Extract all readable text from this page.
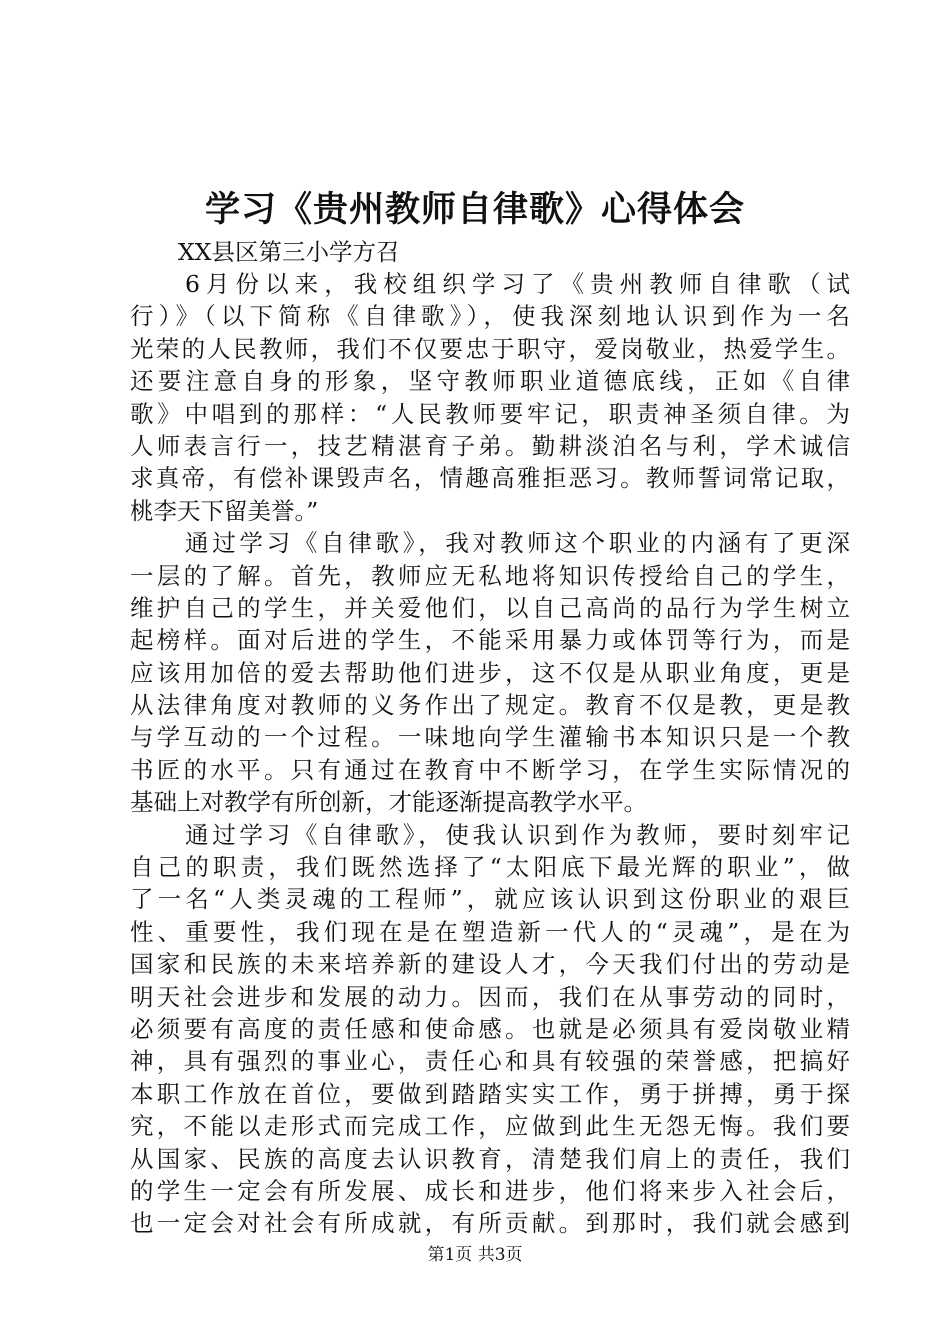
学习《贵州教师自律歌》心得体会
XX县区第三小学方召
6月份以来，我校组织学习了《贵州教师自律歌（试
行）》（以下简称《自律歌》），使我深刻地认识到作为一名
光荣的人民教师，我们不仅要忠于职守，爱岗敬业，热爱学生。
还要注意自身的形象，坚守教师职业道德底线，正如《自律
歌》中唱到的那样：“人民教师要牢记，职责神圣须自律。为
人师表言行一，技艺精湛育子弟。勤耕淡泊名与利，学术诚信
求真帝，有偿补课毁声名，情趣高雅拒恶习。教师誓词常记取，
桃李天下留美誉。”
通过学习《自律歌》，我对教师这个职业的内涵有了更深
一层的了解。首先，教师应无私地将知识传授给自己的学生，
维护自己的学生，并关爱他们，以自己高尚的品行为学生树立
起榜样。面对后进的学生，不能采用暴力或体罚等行为，而是
应该用加倍的爱去帮助他们进步，这不仅是从职业角度，更是
从法律角度对教师的义务作出了规定。教育不仅是教，更是教
与学互动的一个过程。一味地向学生灌输书本知识只是一个教
书匠的水平。只有通过在教育中不断学习，在学生实际情况的
基础上对教学有所创新，才能逐渐提高教学水平。
通过学习《自律歌》，使我认识到作为教师，要时刻牢记
自己的职责，我们既然选择了“太阳底下最光辉的职业”，做
了一名“人类灵魂的工程师”，就应该认识到这份职业的艰巨
性、重要性，我们现在是在塑造新一代人的“灵魂”，是在为
国家和民族的未来培养新的建设人才，今天我们付出的劳动是
明天社会进步和发展的动力。因而，我们在从事劳动的同时，
必须要有高度的责任感和使命感。也就是必须具有爱岗敬业精
神，具有强烈的事业心，责任心和具有较强的荣誉感，把搞好
本职工作放在首位，要做到踏踏实实工作，勇于拼搏，勇于探
究，不能以走形式而完成工作，应做到此生无怨无悔。我们要
从国家、民族的高度去认识教育，清楚我们肩上的责任，我们
的学生一定会有所发展、成长和进步，他们将来步入社会后，
也一定会对社会有所成就，有所贡献。到那时，我们就会感到
第1页 共3页
